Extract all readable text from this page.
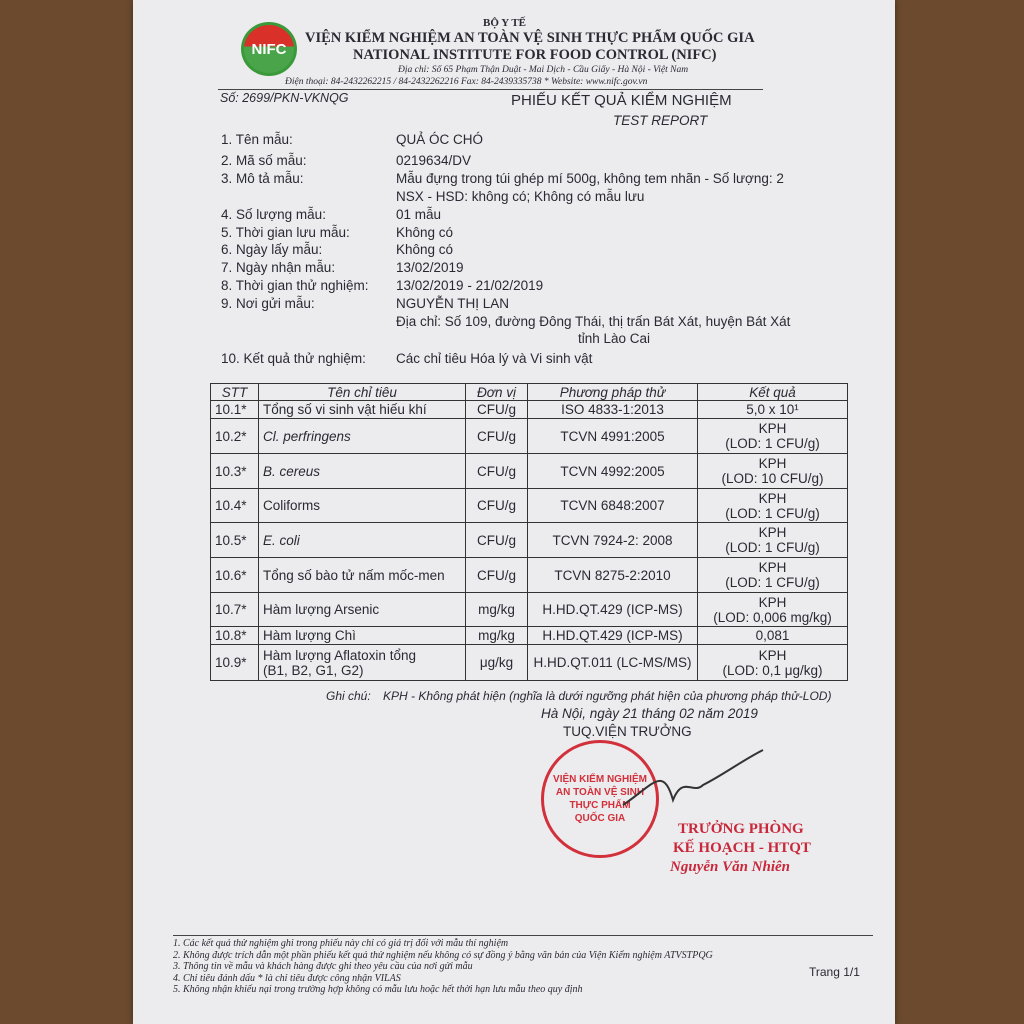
NIFC
BỘ Y TẾ
VIỆN KIỂM NGHIỆM AN TOÀN VỆ SINH THỰC PHẨM QUỐC GIA
NATIONAL INSTITUTE FOR FOOD CONTROL (NIFC)
Địa chỉ: Số 65 Phạm Thận Duật - Mai Dịch - Cầu Giấy - Hà Nội - Việt Nam
Điện thoại: 84-2432262215 / 84-2432262216 Fax: 84-2439335738 * Website: www.nifc.gov.vn
Số: 2699/PKN-VKNQG	PHIẾU KẾT QUẢ KIỂM NGHIỆM
TEST REPORT
1. Tên mẫu:	QUẢ ÓC CHÓ
2. Mã số mẫu:	0219634/DV
3. Mô tả mẫu:	Mẫu đựng trong túi ghép mí 500g, không tem nhãn - Số lượng: 2
NSX - HSD: không có; Không có mẫu lưu
4. Số lượng mẫu:	01 mẫu
5. Thời gian lưu mẫu:	Không có
6. Ngày lấy mẫu:	Không có
7. Ngày nhận mẫu:	13/02/2019
8. Thời gian thử nghiệm: 13/02/2019 - 21/02/2019
9. Nơi gửi mẫu:	NGUYỄN THỊ LAN
Địa chỉ: Số 109, đường Đông Thái, thị trấn Bát Xát, huyện Bát Xát
tỉnh Lào Cai
10. Kết quả thử nghiệm: Các chỉ tiêu Hóa lý và Vi sinh vật
STT	Tên chỉ tiêu	Đơn vị	Phương pháp thử	Kết quả
10.1*	Tổng số vi sinh vật hiếu khí	CFU/g	ISO 4833-1:2013	5,0 x 10¹
10.2*	Cl. perfringens	CFU/g	TCVN 4991:2005	KPH
(LOD: 1 CFU/g)
10.3*	B. cereus	CFU/g	TCVN 4992:2005	KPH
(LOD: 10 CFU/g)
10.4*	Coliforms	CFU/g	TCVN 6848:2007	KPH
(LOD: 1 CFU/g)
10.5*	E. coli	CFU/g	TCVN 7924-2: 2008	KPH
(LOD: 1 CFU/g)
10.6*	Tổng số bào tử nấm mốc-men	CFU/g	TCVN 8275-2:2010	KPH
(LOD: 1 CFU/g)
10.7*	Hàm lượng Arsenic	mg/kg	H.HD.QT.429 (ICP-MS)	KPH
(LOD: 0,006 mg/kg)
10.8*	Hàm lượng Chì	mg/kg	H.HD.QT.429 (ICP-MS)	0,081
10.9*	Hàm lượng Aflatoxin tổng
(B1, B2, G1, G2)	μg/kg	H.HD.QT.011 (LC-MS/MS)	KPH
(LOD: 0,1 μg/kg)
Ghi chú: KPH - Không phát hiện (nghĩa là dưới ngưỡng phát hiện của phương pháp thử-LOD)
Hà Nội, ngày 21 tháng 02 năm 2019
TUQ.VIỆN TRƯỞNG
VIỆN KIỂM NGHIỆM
AN TOÀN VỆ SINH
THỰC PHẨM
QUỐC GIA
TRƯỞNG PHÒNG
KẾ HOẠCH - HTQT
Nguyễn Văn Nhiên
1. Các kết quả thử nghiệm ghi trong phiếu này chỉ có giá trị đối với mẫu thí nghiệm
2. Không được trích dẫn một phần phiếu kết quả thử nghiệm nếu không có sự đồng ý bằng văn bản của Viện Kiểm nghiệm ATVSTPQG
3. Thông tin về mẫu và khách hàng được ghi theo yêu cầu của nơi gửi mẫu
4. Chỉ tiêu đánh dấu * là chỉ tiêu được công nhận VILAS
5. Không nhận khiếu nại trong trường hợp không có mẫu lưu hoặc hết thời hạn lưu mẫu theo quy định
Trang 1/1
